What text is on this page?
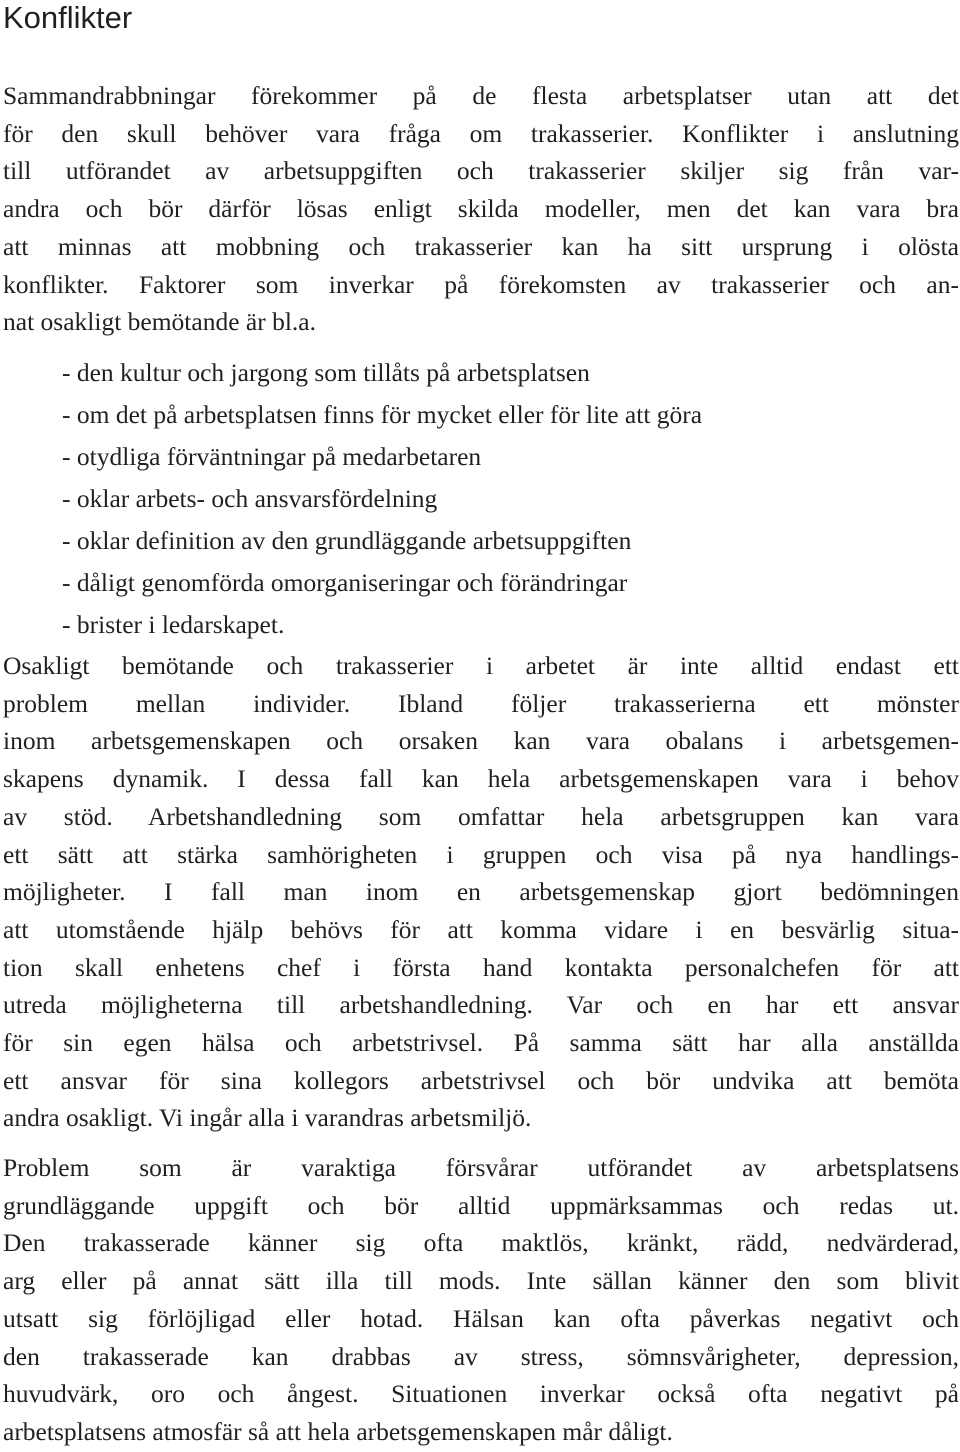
Konflikter

Sammandrabbningar förekommer på de flesta arbetsplatser utan att det
för den skull behöver vara fråga om trakasserier. Konflikter i anslutning
till utförandet av arbetsuppgiften och trakasserier skiljer sig från var-
andra och bör därför lösas enligt skilda modeller, men det kan vara bra
att minnas att mobbning och trakasserier kan ha sitt ursprung i olösta
konflikter. Faktorer som inverkar på förekomsten av trakasserier och an-
nat osakligt bemötande är bl.a.

- den kultur och jargong som tillåts på arbetsplatsen
- om det på arbetsplatsen finns för mycket eller för lite att göra
- otydliga förväntningar på medarbetaren
- oklar arbets- och ansvarsfördelning
- oklar definition av den grundläggande arbetsuppgiften
- dåligt genomförda omorganiseringar och förändringar
- brister i ledarskapet.

Osakligt bemötande och trakasserier i arbetet är inte alltid endast ett
problem mellan individer. Ibland följer trakasserierna ett mönster
inom arbetsgemenskapen och orsaken kan vara obalans i arbetsgemen-
skapens dynamik. I dessa fall kan hela arbetsgemenskapen vara i behov
av stöd. Arbetshandledning som omfattar hela arbetsgruppen kan vara
ett sätt att stärka samhörigheten i gruppen och visa på nya handlings-
möjligheter. I fall man inom en arbetsgemenskap gjort bedömningen
att utomstående hjälp behövs för att komma vidare i en besvärlig situa-
tion skall enhetens chef i första hand kontakta personalchefen för att
utreda möjligheterna till arbetshandledning. Var och en har ett ansvar
för sin egen hälsa och arbetstrivsel. På samma sätt har alla anställda
ett ansvar för sina kollegors arbetstrivsel och bör undvika att bemöta
andra osakligt. Vi ingår alla i varandras arbetsmiljö.

Problem som är varaktiga försvårar utförandet av arbetsplatsens
grundläggande uppgift och bör alltid uppmärksammas och redas ut.
Den trakasserade känner sig ofta maktlös, kränkt, rädd, nedvärderad,
arg eller på annat sätt illa till mods. Inte sällan känner den som blivit
utsatt sig förlöjligad eller hotad. Hälsan kan ofta påverkas negativt och
den trakasserade kan drabbas av stress, sömnsvårigheter, depression,
huvudvärk, oro och ångest. Situationen inverkar också ofta negativt på
arbetsplatsens atmosfär så att hela arbetsgemenskapen mår dåligt.
